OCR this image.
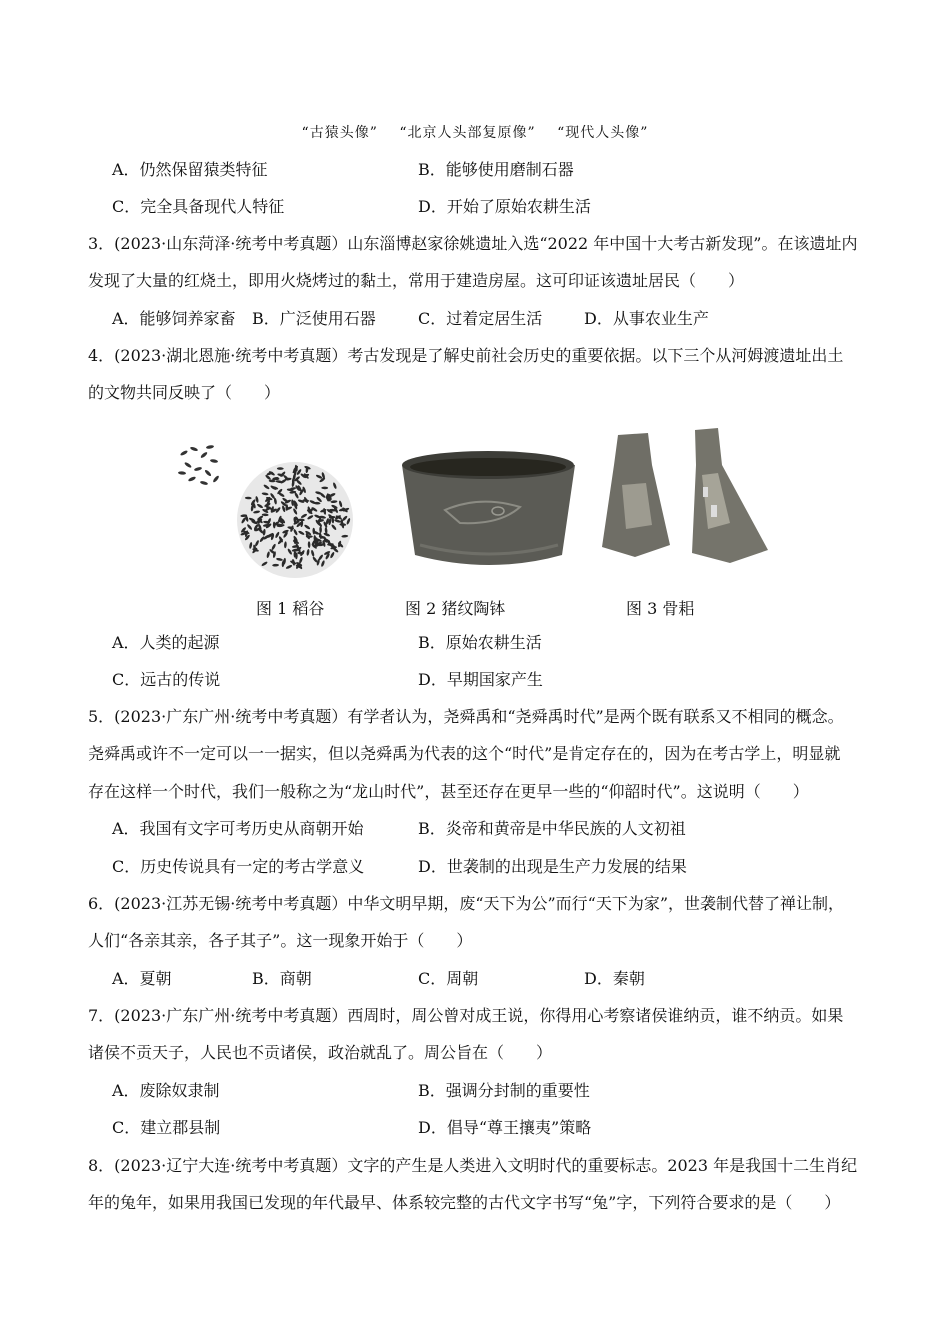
“古猿头像” “北京人头部复原像” “现代人头像”
A．仍然保留猿类特征	B．能够使用磨制石器
C．完全具备现代人特征	D．开始了原始农耕生活
3．(2023·山东菏泽·统考中考真题）山东淄博赵家徐姚遗址入选“2022 年中国十大考古新发现”。在该遗址内
发现了大量的红烧土，即用火烧烤过的黏土，常用于建造房屋。这可印证该遗址居民（　　）
A．能够饲养家畜 B．广泛使用石器	C．过着定居生活	D．从事农业生产
4．(2023·湖北恩施·统考中考真题）考古发现是了解史前社会历史的重要依据。以下三个从河姆渡遗址出土
的文物共同反映了（　　）
图 1 稻谷	图 2 猪纹陶钵	图 3 骨耜
A．人类的起源	B．原始农耕生活
C．远古的传说	D．早期国家产生
5．(2023·广东广州·统考中考真题）有学者认为，尧舜禹和“尧舜禹时代”是两个既有联系又不相同的概念。
尧舜禹或许不一定可以一一据实，但以尧舜禹为代表的这个“时代”是肯定存在的，因为在考古学上，明显就
存在这样一个时代，我们一般称之为“龙山时代”，甚至还存在更早一些的“仰韶时代”。这说明（　　）
A．我国有文字可考历史从商朝开始	B．炎帝和黄帝是中华民族的人文初祖
C．历史传说具有一定的考古学意义	D．世袭制的出现是生产力发展的结果
6．(2023·江苏无锡·统考中考真题）中华文明早期，废“天下为公”而行“天下为家”，世袭制代替了禅让制，
人们“各亲其亲，各子其子”。这一现象开始于（　　）
A．夏朝	B．商朝	C．周朝	D．秦朝
7．(2023·广东广州·统考中考真题）西周时，周公曾对成王说，你得用心考察诸侯谁纳贡，谁不纳贡。如果
诸侯不贡天子，人民也不贡诸侯，政治就乱了。周公旨在（　　）
A．废除奴隶制	B．强调分封制的重要性
C．建立郡县制	D．倡导“尊王攘夷”策略
8．(2023·辽宁大连·统考中考真题）文字的产生是人类进入文明时代的重要标志。2023 年是我国十二生肖纪
年的兔年，如果用我国已发现的年代最早、体系较完整的古代文字书写“兔”字，下列符合要求的是（　　）
